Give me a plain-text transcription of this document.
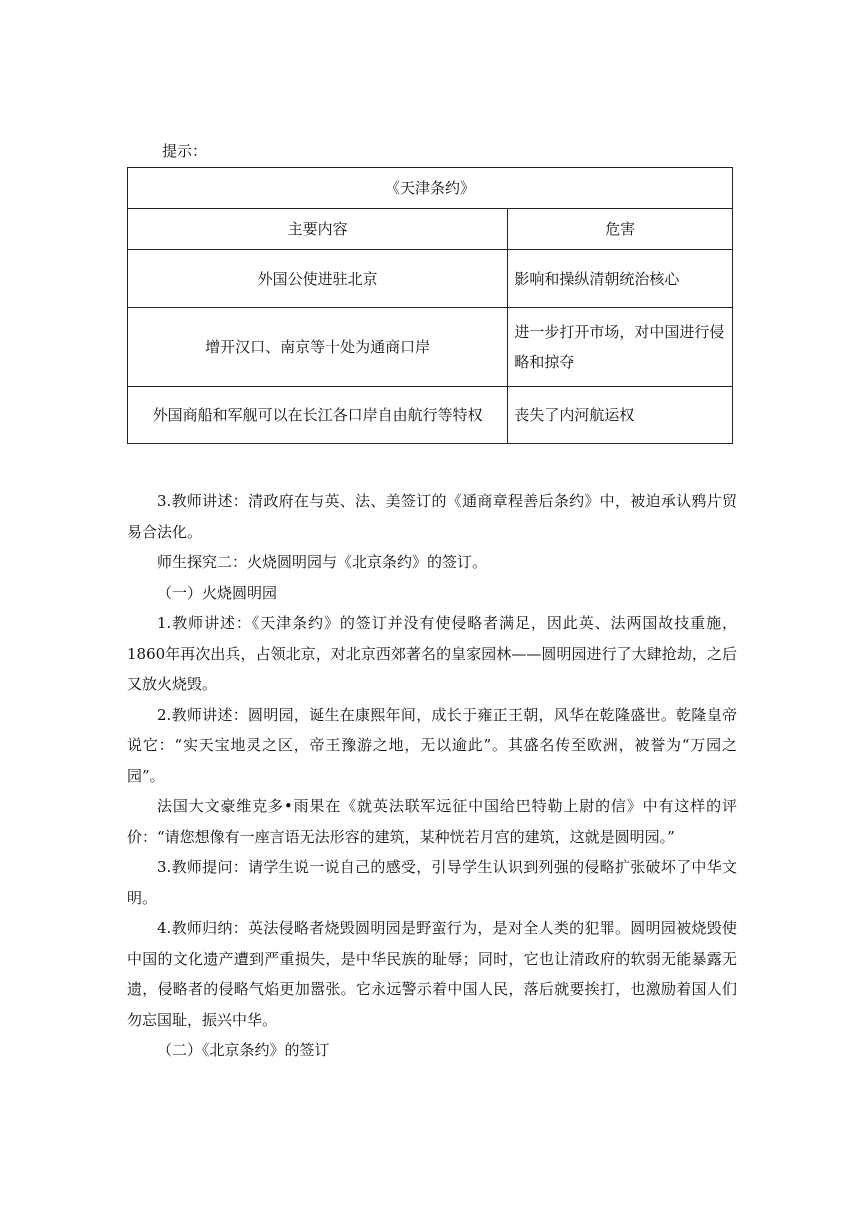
提示：
《天津条约》	
主要内容	危害
外国公使进驻北京	影响和操纵清朝统治核心
增开汉口、南京等十处为通商口岸	进一步打开市场，对中国进行侵略和掠夺
外国商船和军舰可以在长江各口岸自由航行等特权	丧失了内河航运权

3.教师讲述：清政府在与英、法、美签订的《通商章程善后条约》中，被迫承认鸦片贸易合法化。

师生探究二：火烧圆明园与《北京条约》的签订。

（一）火烧圆明园

1.教师讲述：《天津条约》的签订并没有使侵略者满足，因此英、法两国故技重施，1860年再次出兵，占领北京，对北京西郊著名的皇家园林——圆明园进行了大肆抢劫，之后又放火烧毁。

2.教师讲述：圆明园，诞生在康熙年间，成长于雍正王朝，风华在乾隆盛世。乾隆皇帝说它：“实天宝地灵之区，帝王豫游之地，无以逾此”。其盛名传至欧洲，被誉为“万园之园”。

法国大文豪维克多•雨果在《就英法联军远征中国给巴特勒上尉的信》中有这样的评价：“请您想像有一座言语无法形容的建筑，某种恍若月宫的建筑，这就是圆明园。”

3.教师提问：请学生说一说自己的感受，引导学生认识到列强的侵略扩张破坏了中华文明。

4.教师归纳：英法侵略者烧毁圆明园是野蛮行为，是对全人类的犯罪。圆明园被烧毁使中国的文化遗产遭到严重损失，是中华民族的耻辱；同时，它也让清政府的软弱无能暴露无遗，侵略者的侵略气焰更加嚣张。它永远警示着中国人民，落后就要挨打，也激励着国人们勿忘国耻，振兴中华。

（二）《北京条约》的签订
